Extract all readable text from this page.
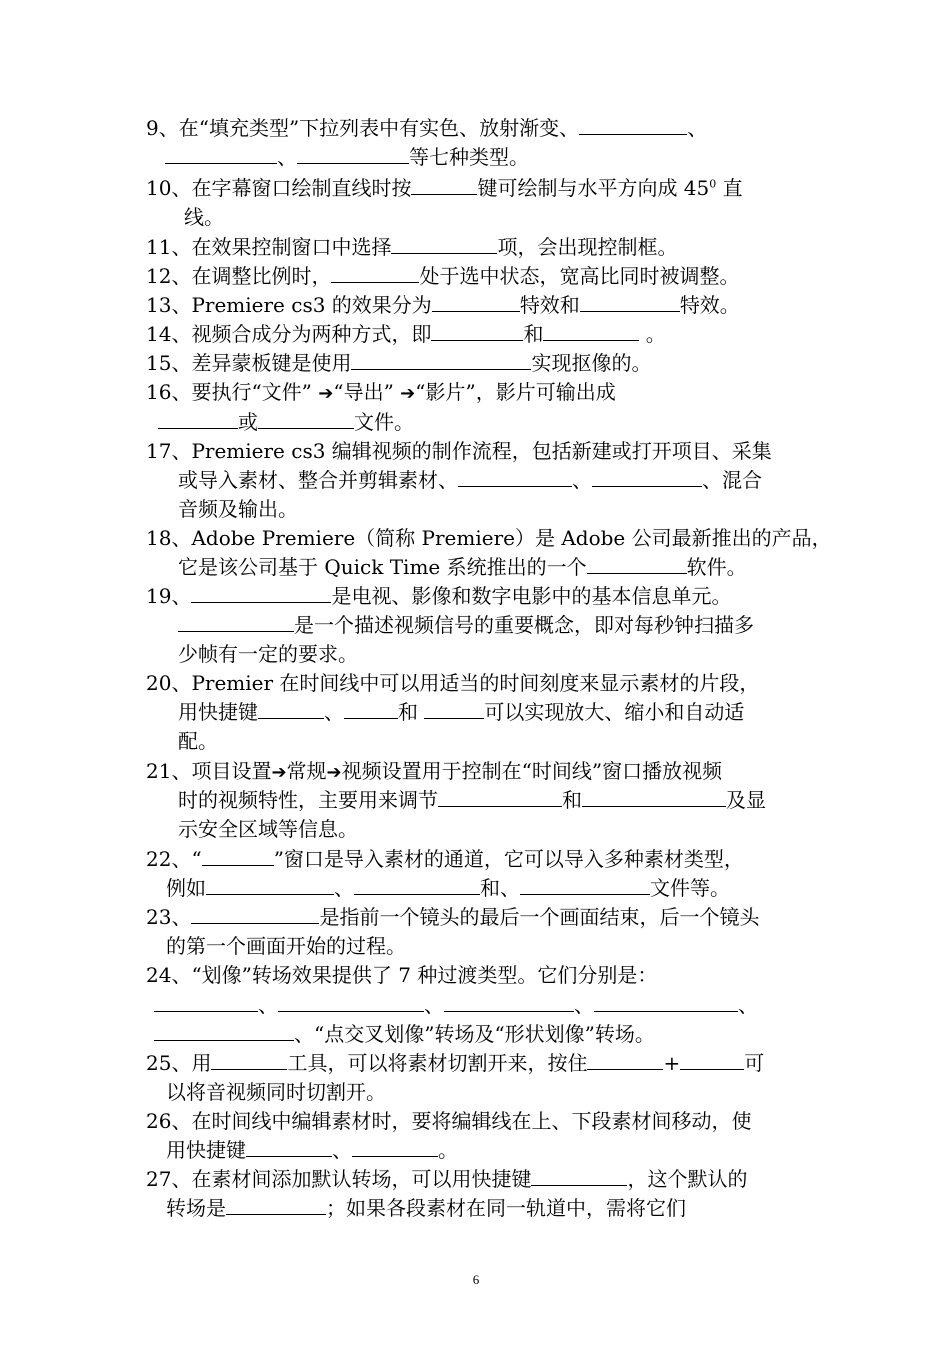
9、在“填充类型”下拉列表中有实色、放射渐变、	、
、	等七种类型。
10、在字幕窗口绘制直线时按	键可绘制与水平方向成 $45^0$ 直
线。
11、在效果控制窗口中选择	项，会出现控制框。
12、在调整比例时，	处于选中状态，宽高比同时被调整。
13、Premiere cs3 的效果分为	特效和	特效。
14、视频合成分为两种方式，即	和	。
15、差异蒙板键是使用	实现抠像的。
16、要执行“文件” ➔“导出” ➔“影片”，影片可输出成
或	文件。
17、Premiere cs3 编辑视频的制作流程，包括新建或打开项目、采集
或导入素材、整合并剪辑素材、	、	、混合
音频及输出。
18、Adobe Premiere（简称 Premiere）是 Adobe 公司最新推出的产品，
它是该公司基于 Quick Time 系统推出的一个	软件。
19、	是电视、影像和数字电影中的基本信息单元。
是一个描述视频信号的重要概念，即对每秒钟扫描多
少帧有一定的要求。
20、Premier 在时间线中可以用适当的时间刻度来显示素材的片段，
用快捷键	、	和	可以实现放大、缩小和自动适
配。
21、项目设置➔常规➔视频设置用于控制在“时间线”窗口播放视频
时的视频特性，主要用来调节	和	及显
示安全区域等信息。
22、“	”窗口是导入素材的通道，它可以导入多种素材类型，
例如	、	和、	文件等。
23、	是指前一个镜头的最后一个画面结束，后一个镜头
的第一个画面开始的过程。
24、“划像”转场效果提供了 7 种过渡类型。它们分别是：
、	、	、	、
、“点交叉划像”转场及“形状划像”转场。
25、用	工具，可以将素材切割开来，按住	+	可
以将音视频同时切割开。
26、在时间线中编辑素材时，要将编辑线在上、下段素材间移动，使
用快捷键	、	。
27、在素材间添加默认转场，可以用快捷键	，这个默认的
转场是	；如果各段素材在同一轨道中，需将它们
6
